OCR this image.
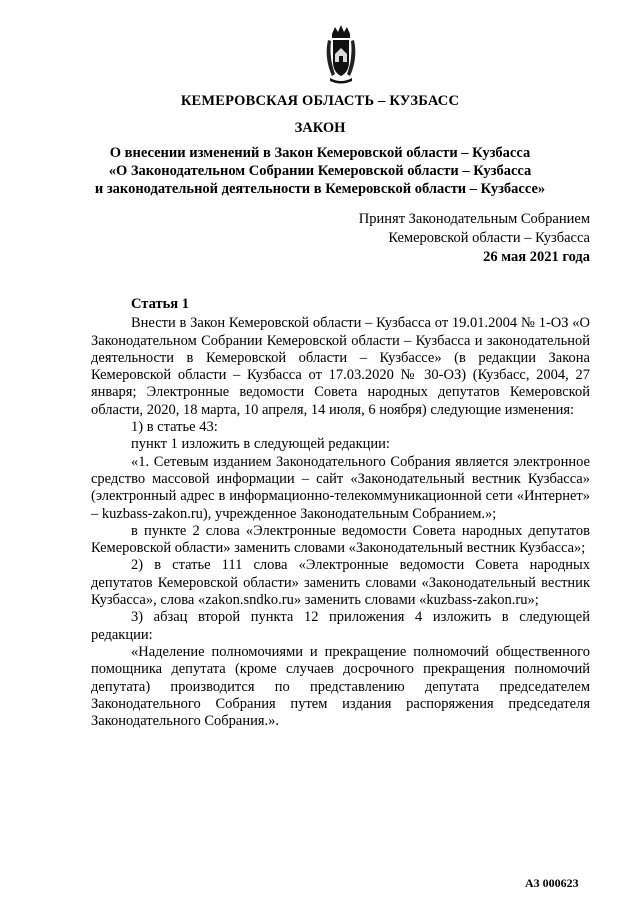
КЕМЕРОВСКАЯ ОБЛАСТЬ – КУЗБАСС
ЗАКОН
О внесении изменений в Закон Кемеровской области – Кузбасса
«О Законодательном Собрании Кемеровской области – Кузбасса
и законодательной деятельности в Кемеровской области – Кузбассе»
Принят Законодательным Собранием
Кемеровской области – Кузбасса
26 мая 2021 года

Статья 1

Внести в Закон Кемеровской области – Кузбасса от 19.01.2004 № 1-ОЗ «О Законодательном Собрании Кемеровской области – Кузбасса и законодательной деятельности в Кемеровской области – Кузбассе» (в редакции Закона Кемеровской области – Кузбасса от 17.03.2020 № 30-ОЗ) (Кузбасс, 2004, 27 января; Электронные ведомости Совета народных депутатов Кемеровской области, 2020, 18 марта, 10 апреля, 14 июля, 6 ноября) следующие изменения:

1) в статье 43:

пункт 1 изложить в следующей редакции:

«1. Сетевым изданием Законодательного Собрания является электронное средство массовой информации – сайт «Законодательный вестник Кузбасса» (электронный адрес в информационно-телекоммуникационной сети «Интернет» – kuzbass-zakon.ru), учрежденное Законодательным Собранием.»;

в пункте 2 слова «Электронные ведомости Совета народных депутатов Кемеровской области» заменить словами «Законодательный вестник Кузбасса»;

2) в статье 111 слова «Электронные ведомости Совета народных депутатов Кемеровской области» заменить словами «Законодательный вестник Кузбасса», слова «zakon.sndko.ru» заменить словами «kuzbass-zakon.ru»;

3) абзац второй пункта 12 приложения 4 изложить в следующей редакции:

«Наделение полномочиями и прекращение полномочий общественного помощника депутата (кроме случаев досрочного прекращения полномочий депутата) производится по представлению депутата председателем Законодательного Собрания путем издания распоряжения председателя Законодательного Собрания.».

А3 000623
